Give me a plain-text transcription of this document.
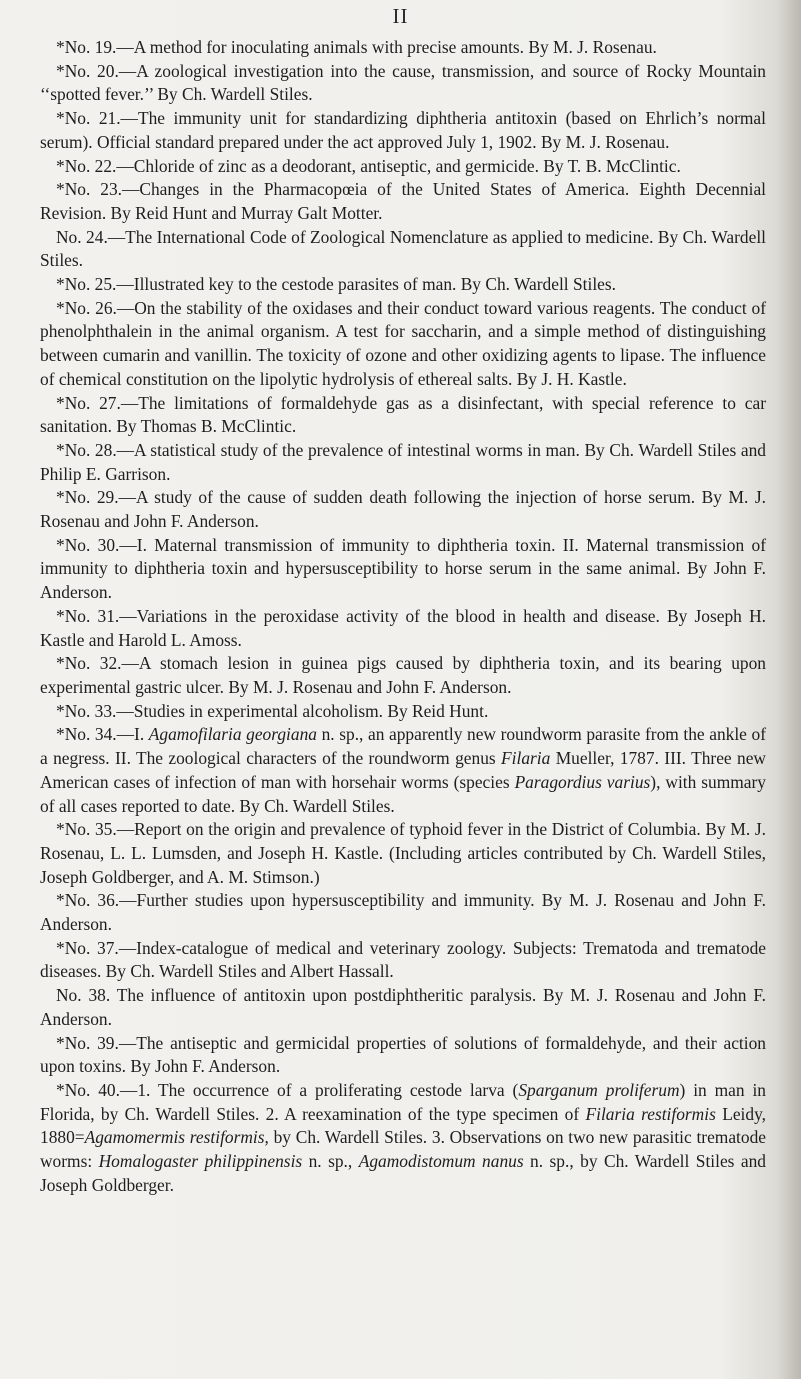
II

*No. 19.—A method for inoculating animals with precise amounts. By M. J. Rosenau.

*No. 20.—A zoological investigation into the cause, transmission, and source of Rocky Mountain ‘‘spotted fever.’’ By Ch. Wardell Stiles.

*No. 21.—The immunity unit for standardizing diphtheria antitoxin (based on Ehrlich’s normal serum). Official standard prepared under the act approved July 1, 1902. By M. J. Rosenau.

*No. 22.—Chloride of zinc as a deodorant, antiseptic, and germicide. By T. B. McClintic.

*No. 23.—Changes in the Pharmacopœia of the United States of America. Eighth Decennial Revision. By Reid Hunt and Murray Galt Motter.

No. 24.—The International Code of Zoological Nomenclature as applied to medicine. By Ch. Wardell Stiles.

*No. 25.—Illustrated key to the cestode parasites of man. By Ch. Wardell Stiles.

*No. 26.—On the stability of the oxidases and their conduct toward various reagents. The conduct of phenolphthalein in the animal organism. A test for saccharin, and a simple method of distinguishing between cumarin and vanillin. The toxicity of ozone and other oxidizing agents to lipase. The influence of chemical constitution on the lipolytic hydrolysis of ethereal salts. By J. H. Kastle.

*No. 27.—The limitations of formaldehyde gas as a disinfectant, with special reference to car sanitation. By Thomas B. McClintic.

*No. 28.—A statistical study of the prevalence of intestinal worms in man. By Ch. Wardell Stiles and Philip E. Garrison.

*No. 29.—A study of the cause of sudden death following the injection of horse serum. By M. J. Rosenau and John F. Anderson.

*No. 30.—I. Maternal transmission of immunity to diphtheria toxin. II. Maternal transmission of immunity to diphtheria toxin and hypersusceptibility to horse serum in the same animal. By John F. Anderson.

*No. 31.—Variations in the peroxidase activity of the blood in health and disease. By Joseph H. Kastle and Harold L. Amoss.

*No. 32.—A stomach lesion in guinea pigs caused by diphtheria toxin, and its bearing upon experimental gastric ulcer. By M. J. Rosenau and John F. Anderson.

*No. 33.—Studies in experimental alcoholism. By Reid Hunt.

*No. 34.—I. Agamofilaria georgiana n. sp., an apparently new roundworm parasite from the ankle of a negress. II. The zoological characters of the roundworm genus Filaria Mueller, 1787. III. Three new American cases of infection of man with horsehair worms (species Paragordius varius), with summary of all cases reported to date. By Ch. Wardell Stiles.

*No. 35.—Report on the origin and prevalence of typhoid fever in the District of Columbia. By M. J. Rosenau, L. L. Lumsden, and Joseph H. Kastle. (Including articles contributed by Ch. Wardell Stiles, Joseph Goldberger, and A. M. Stimson.)

*No. 36.—Further studies upon hypersusceptibility and immunity. By M. J. Rosenau and John F. Anderson.

*No. 37.—Index-catalogue of medical and veterinary zoology. Subjects: Trematoda and trematode diseases. By Ch. Wardell Stiles and Albert Hassall.

No. 38. The influence of antitoxin upon postdiphtheritic paralysis. By M. J. Rosenau and John F. Anderson.

*No. 39.—The antiseptic and germicidal properties of solutions of formaldehyde, and their action upon toxins. By John F. Anderson.

*No. 40.—1. The occurrence of a proliferating cestode larva (Sparganum proliferum) in man in Florida, by Ch. Wardell Stiles. 2. A reexamination of the type specimen of Filaria restiformis Leidy, 1880=Agamomermis restiformis, by Ch. Wardell Stiles. 3. Observations on two new parasitic trematode worms: Homalogaster philippinensis n. sp., Agamodistomum nanus n. sp., by Ch. Wardell Stiles and Joseph Goldberger.
